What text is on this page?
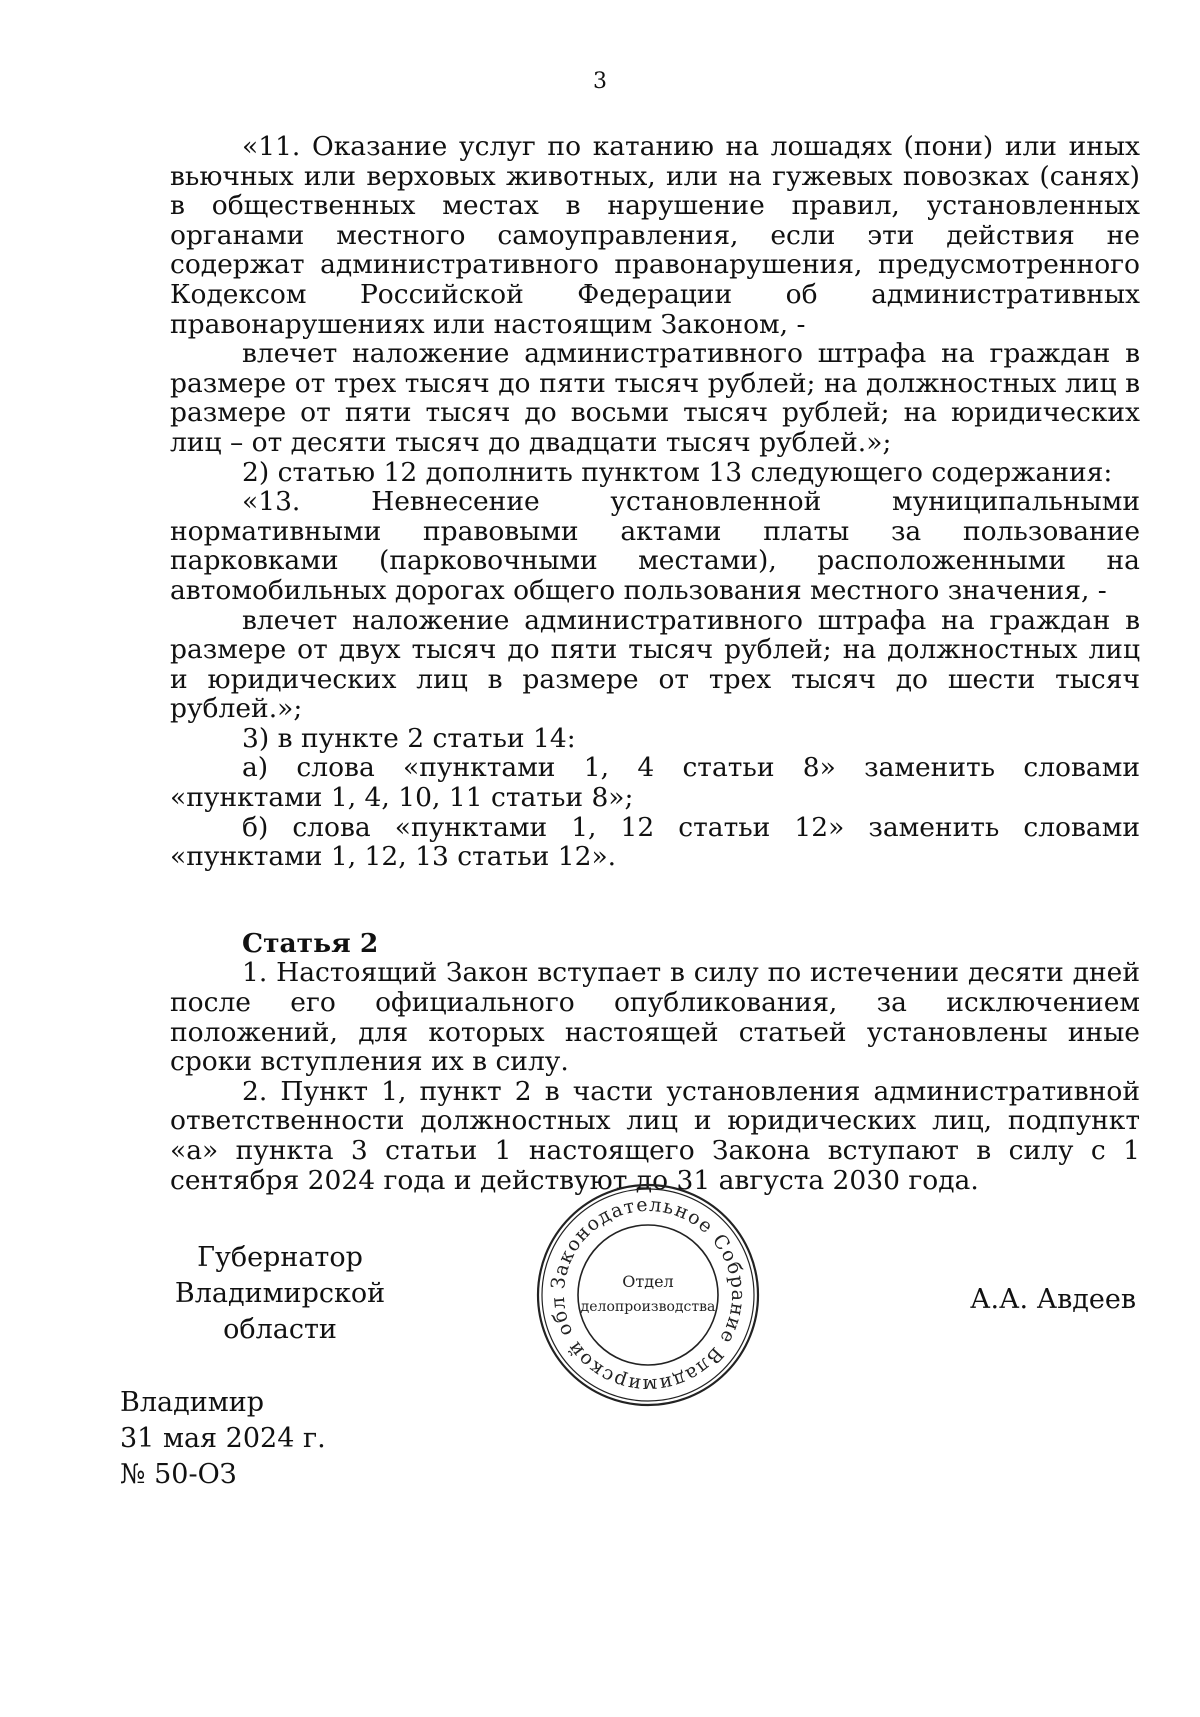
3

«11. Оказание услуг по катанию на лошадях (пони) или иных вьючных или верховых животных, или на гужевых повозках (санях) в общественных местах в нарушение правил, установленных органами местного самоуправления, если эти действия не содержат административного правонарушения, предусмотренного Кодексом Российской Федерации об административных правонарушениях или настоящим Законом, -

влечет наложение административного штрафа на граждан в размере от трех тысяч до пяти тысяч рублей; на должностных лиц в размере от пяти тысяч до восьми тысяч рублей; на юридических лиц – от десяти тысяч до двадцати тысяч рублей.»;

2) статью 12 дополнить пунктом 13 следующего содержания:

«13. Невнесение установленной муниципальными нормативными правовыми актами платы за пользование парковками (парковочными местами), расположенными на автомобильных дорогах общего пользования местного значения, -

влечет наложение административного штрафа на граждан в размере от двух тысяч до пяти тысяч рублей; на должностных лиц и юридических лиц в размере от трех тысяч до шести тысяч рублей.»;

3) в пункте 2 статьи 14:

а) слова «пунктами 1, 4 статьи 8» заменить словами «пунктами 1, 4, 10, 11 статьи 8»;

б) слова «пунктами 1, 12 статьи 12» заменить словами «пунктами 1, 12, 13 статьи 12».

Статья 2

1. Настоящий Закон вступает в силу по истечении десяти дней после его официального опубликования, за исключением положений, для которых настоящей статьей установлены иные сроки вступления их в силу.

2. Пункт 1, пункт 2 в части установления административной ответственности должностных лиц и юридических лиц, подпункт «а» пункта 3 статьи 1 настоящего Закона вступают в силу с 1 сентября 2024 года и действуют до 31 августа 2030 года.

Губернатор
Владимирской области
Законодательное Собрание Владимирской обл
Отдел
делопроизводства	А.А. Авдеев
Владимир
31 мая 2024 г.
№ 50-ОЗ
